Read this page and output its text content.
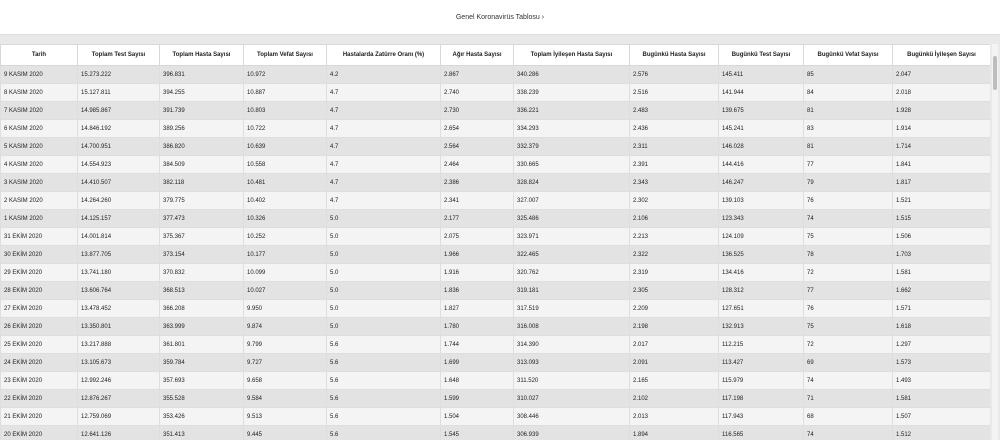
Genel Koronavirüs Tablosu ›
Tarih	Toplam Test Sayısı	Toplam Hasta Sayısı	Toplam Vefat Sayısı	Hastalarda Zatürre Oranı (%)	Ağır Hasta Sayısı	Toplam İyileşen Hasta Sayısı	Bugünkü Hasta Sayısı	Bugünkü Test Sayısı	Bugünkü Vefat Sayısı	Bugünkü İyileşen Sayısı
9 KASIM 2020	15.273.222	396.831	10.972	4.2	2.867	340.286	2.576	145.411	85	2.047
8 KASIM 2020	15.127.811	394.255	10.887	4.7	2.740	338.239	2.516	141.944	84	2.018
7 KASIM 2020	14.985.867	391.739	10.803	4.7	2.730	336.221	2.483	139.675	81	1.928
6 KASIM 2020	14.846.192	389.256	10.722	4.7	2.654	334.293	2.436	145.241	83	1.914
5 KASIM 2020	14.700.951	386.820	10.639	4.7	2.564	332.379	2.311	146.028	81	1.714
4 KASIM 2020	14.554.923	384.509	10.558	4.7	2.464	330.665	2.391	144.416	77	1.841
3 KASIM 2020	14.410.507	382.118	10.481	4.7	2.386	328.824	2.343	146.247	79	1.817
2 KASIM 2020	14.264.260	379.775	10.402	4.7	2.341	327.007	2.302	139.103	76	1.521
1 KASIM 2020	14.125.157	377.473	10.326	5.0	2.177	325.486	2.106	123.343	74	1.515
31 EKİM 2020	14.001.814	375.367	10.252	5.0	2.075	323.971	2.213	124.109	75	1.506
30 EKİM 2020	13.877.705	373.154	10.177	5.0	1.966	322.465	2.322	136.525	78	1.703
29 EKİM 2020	13.741.180	370.832	10.099	5.0	1.916	320.762	2.319	134.416	72	1.581
28 EKİM 2020	13.606.764	368.513	10.027	5.0	1.836	319.181	2.305	128.312	77	1.662
27 EKİM 2020	13.478.452	366.208	9.950	5.0	1.827	317.519	2.209	127.651	76	1.571
26 EKİM 2020	13.350.801	363.999	9.874	5.0	1.780	316.008	2.198	132.913	75	1.618
25 EKİM 2020	13.217.888	361.801	9.799	5.6	1.744	314.390	2.017	112.215	72	1.297
24 EKİM 2020	13.105.673	359.784	9.727	5.6	1.699	313.093	2.091	113.427	69	1.573
23 EKİM 2020	12.992.246	357.693	9.658	5.6	1.648	311.520	2.165	115.979	74	1.493
22 EKİM 2020	12.876.267	355.528	9.584	5.6	1.599	310.027	2.102	117.198	71	1.581
21 EKİM 2020	12.759.069	353.426	9.513	5.6	1.504	308.446	2.013	117.943	68	1.507
20 EKİM 2020	12.641.126	351.413	9.445	5.6	1.545	306.939	1.894	116.565	74	1.512
